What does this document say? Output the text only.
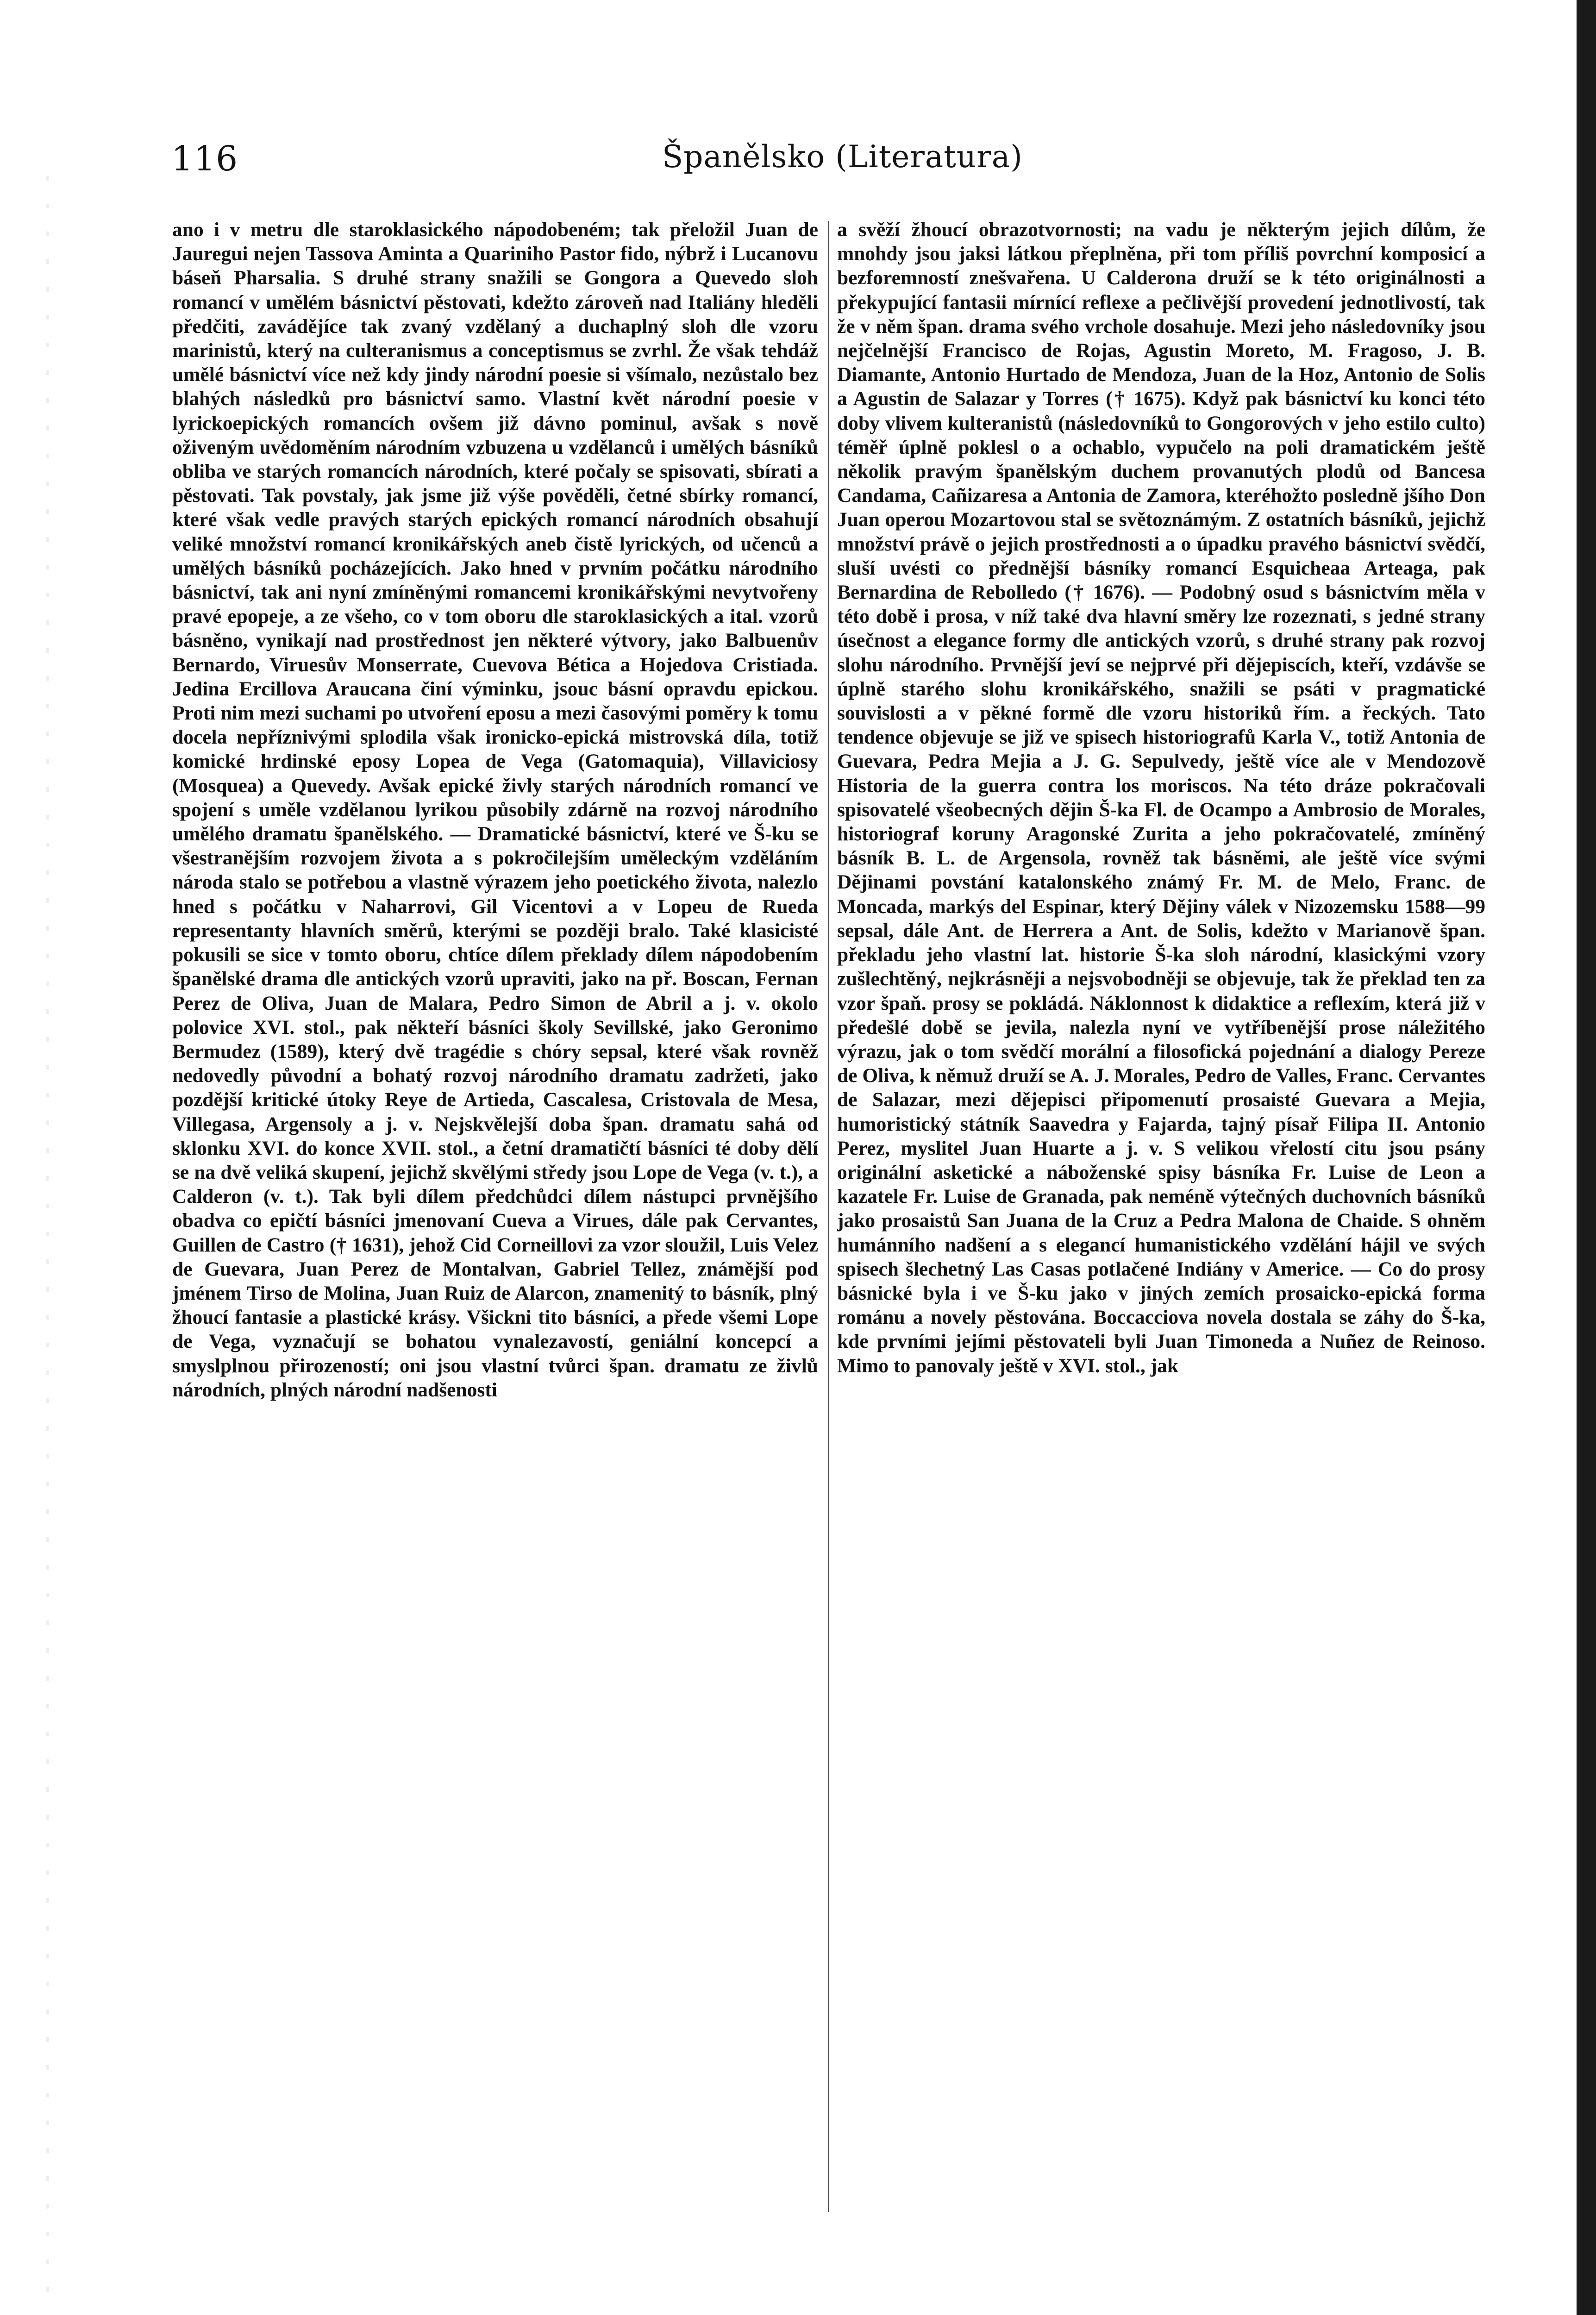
116	Španělsko (Literatura)

ano i v metru dle staroklasického nápodobeném; tak přeložil Juan de Jauregui nejen Tassova Aminta a Quariniho Pastor fido, nýbrž i Lucanovu báseň Pharsalia. S druhé strany snažili se Gongora a Quevedo sloh romancí v umělém básnictví pěstovati, kdežto zároveň nad Italiány hleděli předčiti, zavádějíce tak zvaný vzdělaný a duchaplný sloh dle vzoru marinistů, který na culteranismus a conceptismus se zvrhl. Že však tehdáž umělé básnictví více než kdy jindy národní poesie si všímalo, nezůstalo bez blahých následků pro básnictví samo. Vlastní květ národní poesie v lyrickoepických romancích ovšem již dávno pominul, avšak s nově oživeným uvědoměním národním vzbuzena u vzdělanců i umělých básníků obliba ve starých romancích národních, které počaly se spisovati, sbírati a pěstovati. Tak povstaly, jak jsme již výše pověděli, četné sbírky romancí, které však vedle pravých starých epických romancí národních obsahují veliké množství romancí kronikářských aneb čistě lyrických, od učenců a umělých básníků pocházejících. Jako hned v prvním počátku národního básnictví, tak ani nyní zmíněnými romancemi kronikářskými nevytvořeny pravé epopeje, a ze všeho, co v tom oboru dle staroklasických a ital. vzorů básněno, vynikají nad prostřednost jen některé výtvory, jako Balbuenův Bernardo, Viruesův Monserrate, Cuevova Bética a Hojedova Cristiada. Jedina Ercillova Araucana činí výminku, jsouc básní opravdu epickou. Proti nim mezi suchami po utvoření eposu a mezi časovými poměry k tomu docela nepříznivými splodila však ironicko-epická mistrovská díla, totiž komické hrdinské eposy Lopea de Vega (Gatomaquia), Villaviciosy (Mosquea) a Quevedy. Avšak epické živly starých národních romancí ve spojení s uměle vzdělanou lyrikou působily zdárně na rozvoj národního umělého dramatu španělského. — Dramatické básnictví, které ve Š-ku se všestranějším rozvojem života a s pokročilejším uměleckým vzděláním národa stalo se potřebou a vlastně výrazem jeho poetického života, nalezlo hned s počátku v Naharrovi, Gil Vicentovi a v Lopeu de Rueda representanty hlavních směrů, kterými se později bralo. Také klasicisté pokusili se sice v tomto oboru, chtíce dílem překlady dílem nápodobením španělské drama dle antických vzorů upraviti, jako na př. Boscan, Fernan Perez de Oliva, Juan de Malara, Pedro Simon de Abril a j. v. okolo polovice XVI. stol., pak někteří básníci školy Sevillské, jako Geronimo Bermudez (1589), který dvě tragédie s chóry sepsal, které však rovněž nedovedly původní a bohatý rozvoj národního dramatu zadržeti, jako pozdější kritické útoky Reye de Artieda, Cascalesa, Cristovala de Mesa, Villegasa, Argensoly a j. v. Nejskvělejší doba špan. dramatu sahá od sklonku XVI. do konce XVII. stol., a četní dramatičtí básníci té doby dělí se na dvě veliká skupení, jejichž skvělými středy jsou Lope de Vega (v. t.), a Calderon (v. t.). Tak byli dílem předchůdci dílem nástupci prvnějšího obadva co epičtí básníci jmenovaní Cueva a Virues, dále pak Cervantes, Guillen de Castro († 1631), jehož Cid Corneillovi za vzor sloužil, Luis Velez de Guevara, Juan Perez de Montalvan, Gabriel Tellez, známější pod jménem Tirso de Molina, Juan Ruiz de Alarcon, znamenitý to básník, plný žhoucí fantasie a plastické krásy. Všickni tito básníci, a přede všemi Lope de Vega, vyznačují se bohatou vynalezavostí, geniální koncepcí a smyslplnou přirozeností; oni jsou vlastní tvůrci špan. dramatu ze živlů národních, plných národní nadšenosti

a svěží žhoucí obrazotvornosti; na vadu je některým jejich dílům, že mnohdy jsou jaksi látkou přeplněna, při tom příliš povrchní komposicí a bezforemností znešvařena. U Calderona druží se k této originálnosti a překypující fantasii mírnící reflexe a pečlivější provedení jednotlivostí, tak že v něm špan. drama svého vrchole dosahuje. Mezi jeho následovníky jsou nejčelnější Francisco de Rojas, Agustin Moreto, M. Fragoso, J. B. Diamante, Antonio Hurtado de Mendoza, Juan de la Hoz, Antonio de Solis a Agustin de Salazar y Torres († 1675). Když pak básnictví ku konci této doby vlivem kulteranistů (následovníků to Gongorových v jeho estilo culto) téměř úplně poklesl o a ochablo, vypučelo na poli dramatickém ještě několik pravým španělským duchem provanutých plodů od Bancesa Candama, Cañizaresa a Antonia de Zamora, kteréhožto posledně jšího Don Juan operou Mozartovou stal se světoznámým. Z ostatních básníků, jejichž množství právě o jejich prostřednosti a o úpadku pravého básnictví svědčí, sluší uvésti co přednější básníky romancí Esquicheaa Arteaga, pak Bernardina de Rebolledo († 1676). — Podobný osud s básnictvím měla v této době i prosa, v níž také dva hlavní směry lze rozeznati, s jedné strany úsečnost a elegance formy dle antických vzorů, s druhé strany pak rozvoj slohu národního. Prvnější jeví se nejprvé při dějepiscích, kteří, vzdávše se úplně starého slohu kronikářského, snažili se psáti v pragmatické souvislosti a v pěkné formě dle vzoru historiků řím. a řeckých. Tato tendence objevuje se již ve spisech historiografů Karla V., totiž Antonia de Guevara, Pedra Mejia a J. G. Sepulvedy, ještě více ale v Mendozově Historia de la guerra contra los moriscos. Na této dráze pokračovali spisovatelé všeobecných dějin Š-ka Fl. de Ocampo a Ambrosio de Morales, historiograf koruny Aragonské Zurita a jeho pokračovatelé, zmíněný básník B. L. de Argensola, rovněž tak básněmi, ale ještě více svými Dějinami povstání katalonského známý Fr. M. de Melo, Franc. de Moncada, markýs del Espinar, který Dějiny válek v Nizozemsku 1588—99 sepsal, dále Ant. de Herrera a Ant. de Solis, kdežto v Marianově špan. překladu jeho vlastní lat. historie Š-ka sloh národní, klasickými vzory zušlechtěný, nejkrásněji a nejsvobodněji se objevuje, tak že překlad ten za vzor špaň. prosy se pokládá. Náklonnost k didaktice a reflexím, která již v předešlé době se jevila, nalezla nyní ve vytříbenější prose náležitého výrazu, jak o tom svědčí morální a filosofická pojednání a dialogy Pereze de Oliva, k němuž druží se A. J. Morales, Pedro de Valles, Franc. Cervantes de Salazar, mezi dějepisci připomenutí prosaisté Guevara a Mejia, humoristický státník Saavedra y Fajarda, tajný písař Filipa II. Antonio Perez, myslitel Juan Huarte a j. v. S velikou vřelostí citu jsou psány originální asketické a náboženské spisy básníka Fr. Luise de Leon a kazatele Fr. Luise de Granada, pak neméně výtečných duchovních básníků jako prosaistů San Juana de la Cruz a Pedra Malona de Chaide. S ohněm humánního nadšení a s elegancí humanistického vzdělání hájil ve svých spisech šlechetný Las Casas potlačené Indiány v Americe. — Co do prosy básnické byla i ve Š-ku jako v jiných zemích prosaicko-epická forma románu a novely pěstována. Boccacciova novela dostala se záhy do Š-ka, kde prvními jejími pěstovateli byli Juan Timoneda a Nuñez de Reinoso. Mimo to panovaly ještě v XVI. stol., jak
